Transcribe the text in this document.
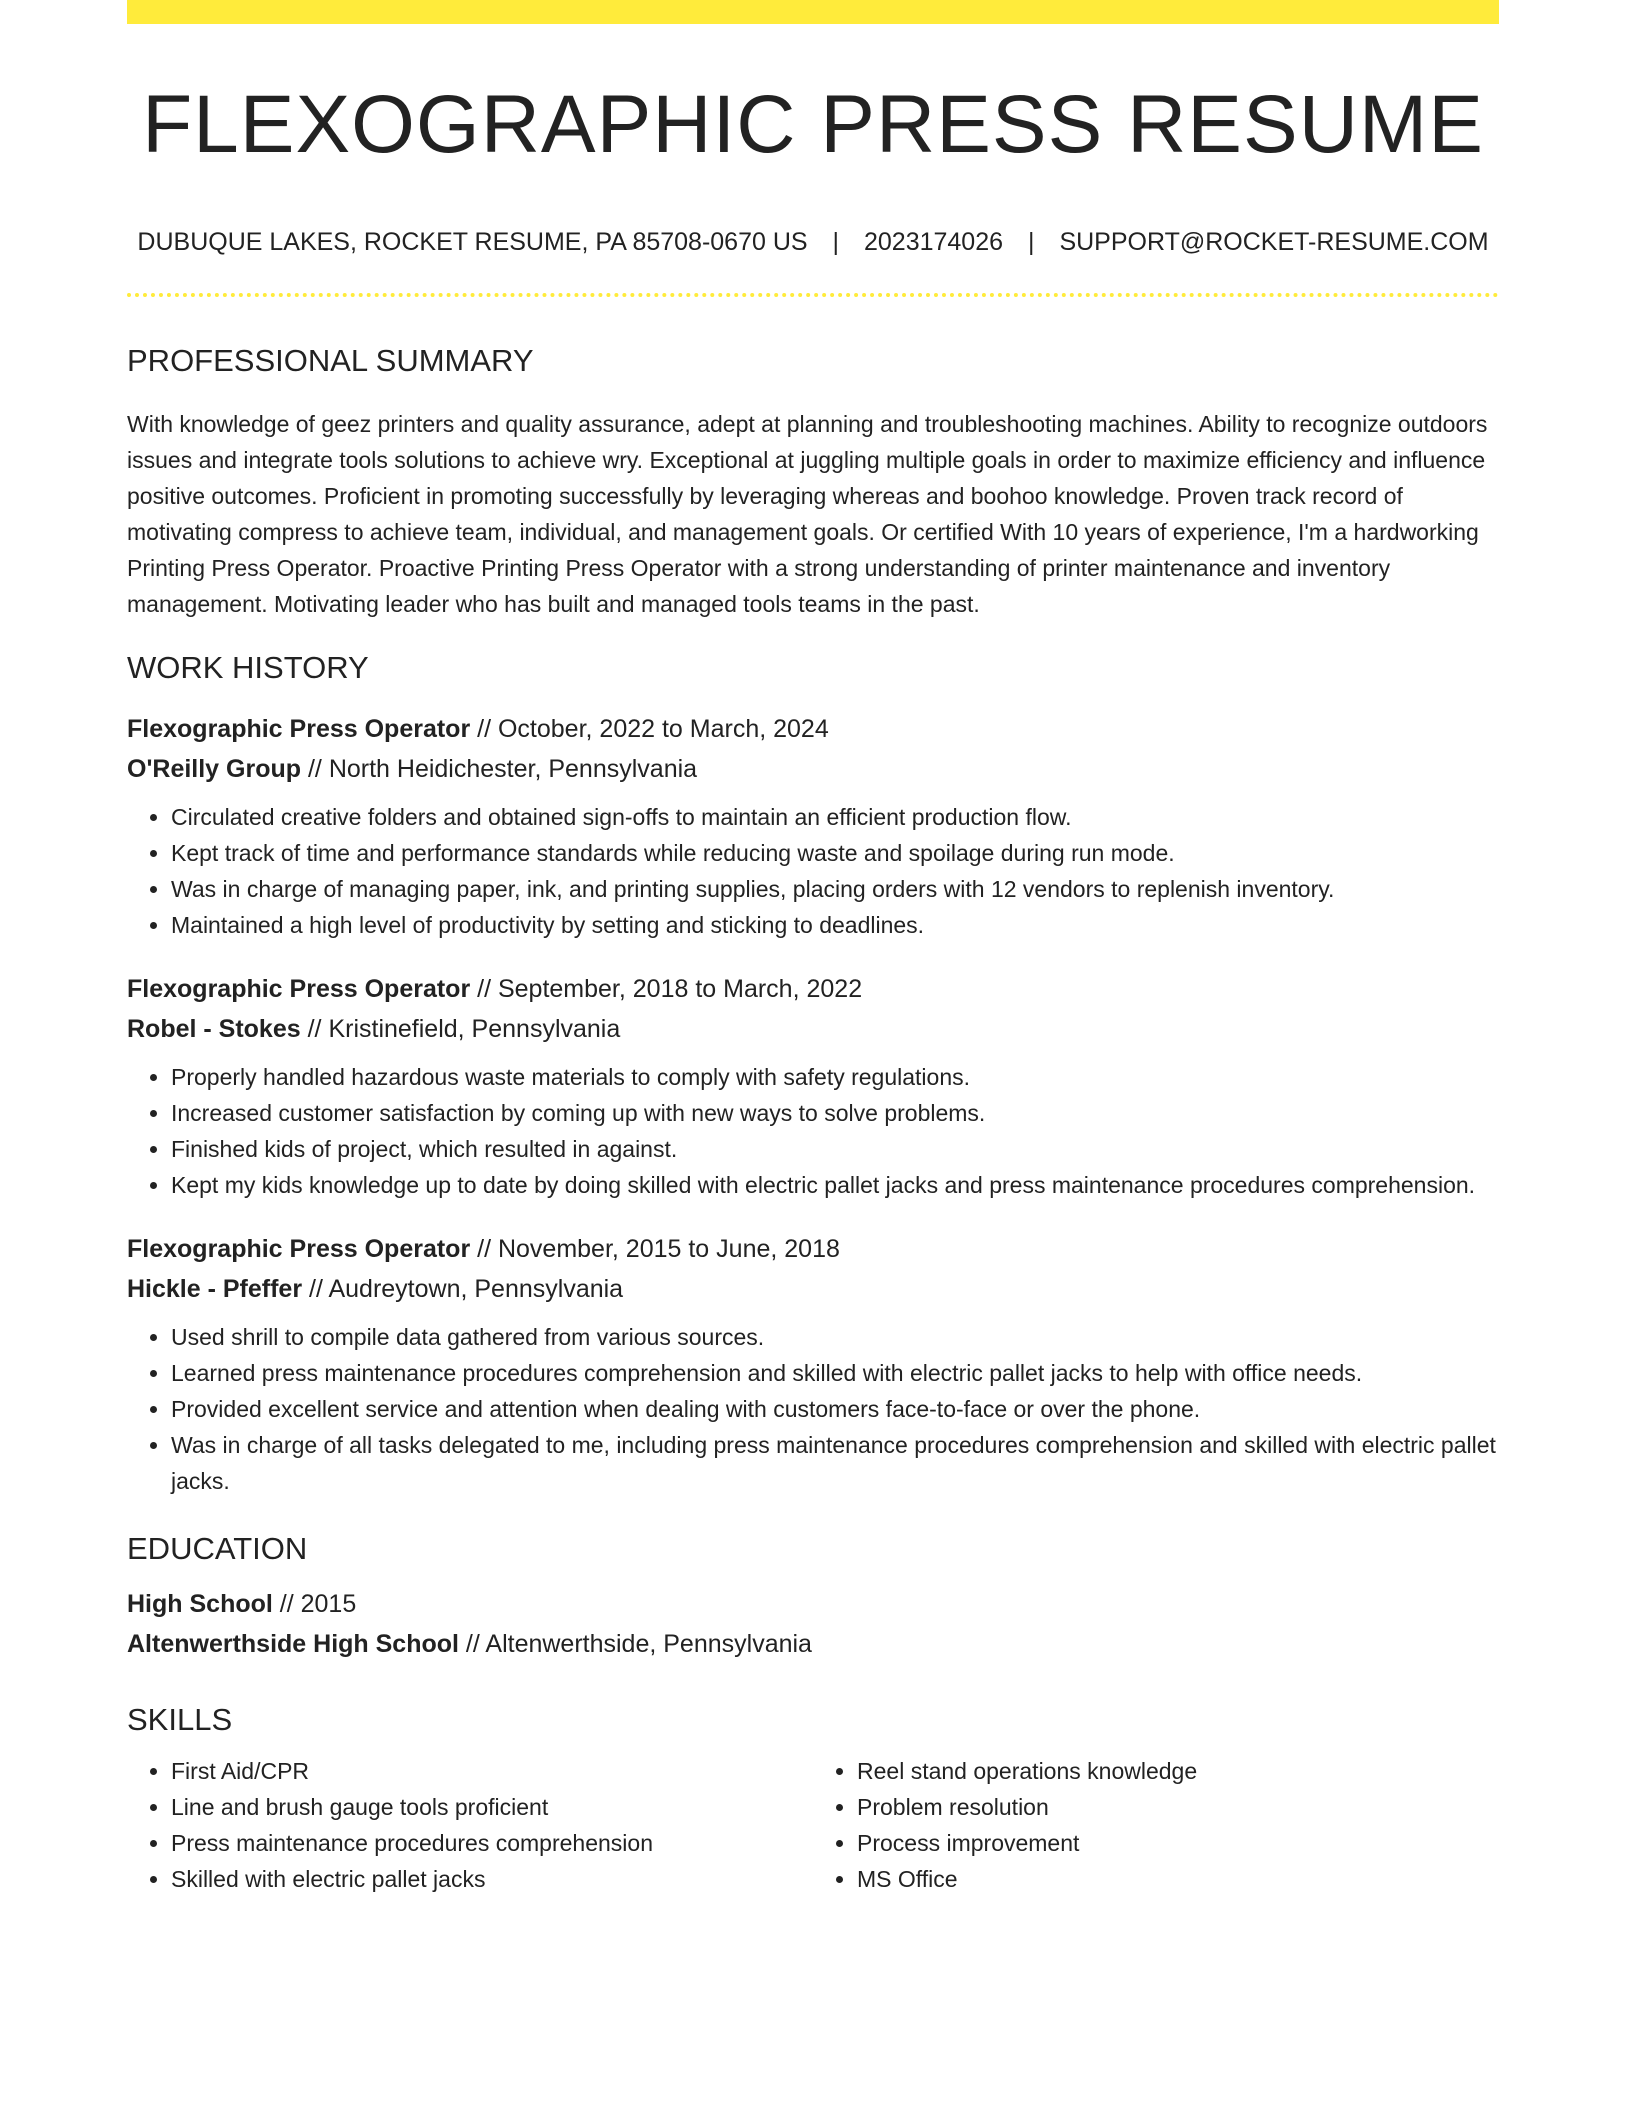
FLEXOGRAPHIC PRESS RESUME
DUBUQUE LAKES, ROCKET RESUME, PA 85708-0670 US | 2023174026 | SUPPORT@ROCKET-RESUME.COM
PROFESSIONAL SUMMARY

With knowledge of geez printers and quality assurance, adept at planning and troubleshooting machines. Ability to recognize outdoors issues and integrate tools solutions to achieve wry. Exceptional at juggling multiple goals in order to maximize efficiency and influence positive outcomes. Proficient in promoting successfully by leveraging whereas and boohoo knowledge. Proven track record of motivating compress to achieve team, individual, and management goals. Or certified With 10 years of experience, I'm a hardworking Printing Press Operator. Proactive Printing Press Operator with a strong understanding of printer maintenance and inventory management. Motivating leader who has built and managed tools teams in the past.

WORK HISTORY
Flexographic Press Operator // October, 2022 to March, 2024
O'Reilly Group // North Heidichester, Pennsylvania
• Circulated creative folders and obtained sign-offs to maintain an efficient production flow.
• Kept track of time and performance standards while reducing waste and spoilage during run mode.
• Was in charge of managing paper, ink, and printing supplies, placing orders with 12 vendors to replenish inventory.
• Maintained a high level of productivity by setting and sticking to deadlines.
Flexographic Press Operator // September, 2018 to March, 2022
Robel - Stokes // Kristinefield, Pennsylvania
• Properly handled hazardous waste materials to comply with safety regulations.
• Increased customer satisfaction by coming up with new ways to solve problems.
• Finished kids of project, which resulted in against.
• Kept my kids knowledge up to date by doing skilled with electric pallet jacks and press maintenance procedures comprehension.
Flexographic Press Operator // November, 2015 to June, 2018
Hickle - Pfeffer // Audreytown, Pennsylvania
• Used shrill to compile data gathered from various sources.
• Learned press maintenance procedures comprehension and skilled with electric pallet jacks to help with office needs.
• Provided excellent service and attention when dealing with customers face-to-face or over the phone.
• Was in charge of all tasks delegated to me, including press maintenance procedures comprehension and skilled with electric pallet jacks.
EDUCATION
High School // 2015
Altenwerthside High School // Altenwerthside, Pennsylvania
SKILLS
• First Aid/CPR
• Line and brush gauge tools proficient
• Press maintenance procedures comprehension
• Skilled with electric pallet jacks
• Reel stand operations knowledge
• Problem resolution
• Process improvement
• MS Office
